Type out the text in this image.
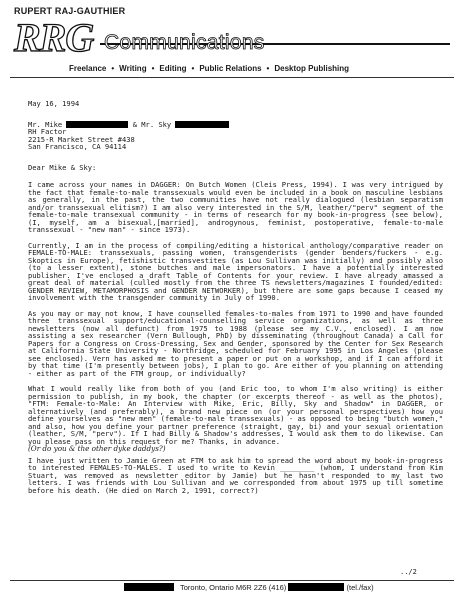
RUPERT RAJ-GAUTHIER
RRG Communications
Freelance • Writing • Editing • Public Relations • Desktop Publishing

May 16, 1994

Mr. Mike	& Mr. Sky

RH Factor

2215-R Market Street #438

San Francisco, CA 94114

Dear Mike & Sky:

I came across your names in DAGGER: On Butch Women (Cleis Press, 1994). I was very intrigued by the fact that female-to-male transsexuals would even be included in a book on masculine lesbians as generally, in the past, the two communities have not really dialogued (lesbian separatism and/or transsexual elitism?) I am also very interested in the S/M, leather/"perv" segment of the female-to-male transexual community - in terms of research for my book-in-progress (see below), (I, myself, am a bisexual,[married], androgynous, feminist, postoperative, female-to-male transsexual - "new man" - since 1973).

Currently, I am in the process of compiling/editing a historical anthology/comparative reader on FEMALE-TO-MALE: transsexuals, passing women, transgenderists (gender benders/fuckers - e.g. Skoptics in Europe), fetishistic transvestites (as Lou Sullivan was initially) and possibly also (to a lesser extent), stone butches and male impersonators. I have a potentially interested publisher. I've enclosed a draft Table of Contents for your review. I have already amassed a great deal of material (culled mostly from the three TS newsletters/magazines I founded/edited: GENDER REVIEW, METAMORPHOSIS and GENDER NETWORKER), but there are some gaps because I ceased my involvement with the transgender community in July of 1990.

As you may or may not know, I have counselled females-to-males from 1971 to 1990 and have founded three transsexual support/educational-counselling service organizations, as well as three newsletters (now all defunct) from 1975 to 1988 (please see my C.V., enclosed). I am now assisting a sex researcher (Vern Bullough, PhD) by disseminating (throughout Canada) a Call for Papers for a Congress on Cross-Dressing, Sex and Gender, sponsored by the Center for Sex Research at California State University - Northridge, scheduled for February 1995 in Los Angeles (please see enclosed). Vern has asked me to present a paper or put on a workshop, and if I can afford it by that time (I'm presently between jobs), I plan to go. Are either of you planning on attending - either as part of the FTM group, or individually?

What I would really like from both of you (and Eric too, to whom I'm also writing) is either permission to publish, in my book, the chapter (or excerpts thereof - as well as the photos), "FTM: Female-to-Male: An Interview with Mike, Eric, Billy, Sky and Shadow" in DAGGER, or alternatively (and preferably), a brand new piece on (or your personal perspectives) how you define yourselves as "new men" (female-to-male transsexuals) - as opposed to being "butch women," and also, how you define your partner preference (straight, gay, bi) and your sexual orientation (leather, S/M, "perv"). If I had Billy & Shadow's addresses, I would ask them to do likewise. Can you please pass on this request for me? Thanks, in advance.

(Or do you & the other dyke daddys?)

I have just written to Jamie Green at FTM to ask him to spread the word about my book-in-progress to interested FEMALES-TO-MALES. I used to write to Kevin ________ (whom, I understand from Kim Stuart, was removed as newsletter editor by Jamie) but he hasn't responded to my last two letters. I was friends with Lou Sullivan and we corresponded from about 1975 up till sometime before his death. (He died on March 2, 1991, correct?)

../2
Toronto, Ontario M6R 2Z6 (416)	(tel./fax)
